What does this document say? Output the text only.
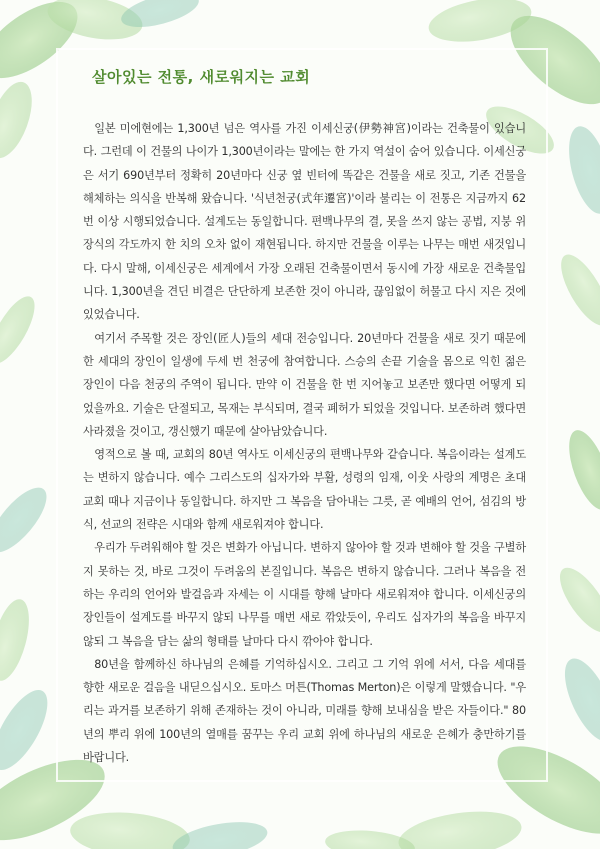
살아있는 전통, 새로워지는 교회

일본 미에현에는 1,300년 넘은 역사를 가진 이세신궁(伊勢神宮)이라는 건축물이 있습니다. 그런데 이 건물의 나이가 1,300년이라는 말에는 한 가지 역설이 숨어 있습니다. 이세신궁은 서기 690년부터 정확히 20년마다 신궁 옆 빈터에 똑같은 건물을 새로 짓고, 기존 건물을 해체하는 의식을 반복해 왔습니다. '식년천궁(式年遷宮)'이라 불리는 이 전통은 지금까지 62번 이상 시행되었습니다. 설계도는 동일합니다. 편백나무의 결, 못을 쓰지 않는 공법, 지붕 위 장식의 각도까지 한 치의 오차 없이 재현됩니다. 하지만 건물을 이루는 나무는 매번 새것입니다. 다시 말해, 이세신궁은 세계에서 가장 오래된 건축물이면서 동시에 가장 새로운 건축물입니다. 1,300년을 견딘 비결은 단단하게 보존한 것이 아니라, 끊임없이 허물고 다시 지은 것에 있었습니다.

여기서 주목할 것은 장인(匠人)들의 세대 전승입니다. 20년마다 건물을 새로 짓기 때문에 한 세대의 장인이 일생에 두세 번 천궁에 참여합니다. 스승의 손끝 기술을 몸으로 익힌 젊은 장인이 다음 천궁의 주역이 됩니다. 만약 이 건물을 한 번 지어놓고 보존만 했다면 어떻게 되었을까요. 기술은 단절되고, 목재는 부식되며, 결국 폐허가 되었을 것입니다. 보존하려 했다면 사라졌을 것이고, 갱신했기 때문에 살아남았습니다.

영적으로 볼 때, 교회의 80년 역사도 이세신궁의 편백나무와 같습니다. 복음이라는 설계도는 변하지 않습니다. 예수 그리스도의 십자가와 부활, 성령의 임재, 이웃 사랑의 계명은 초대교회 때나 지금이나 동일합니다. 하지만 그 복음을 담아내는 그릇, 곧 예배의 언어, 섬김의 방식, 선교의 전략은 시대와 함께 새로워져야 합니다.

우리가 두려워해야 할 것은 변화가 아닙니다. 변하지 않아야 할 것과 변해야 할 것을 구별하지 못하는 것, 바로 그것이 두려움의 본질입니다. 복음은 변하지 않습니다. 그러나 복음을 전하는 우리의 언어와 발걸음과 자세는 이 시대를 향해 날마다 새로워져야 합니다. 이세신궁의 장인들이 설계도를 바꾸지 않되 나무를 매번 새로 깎았듯이, 우리도 십자가의 복음을 바꾸지 않되 그 복음을 담는 삶의 형태를 날마다 다시 깎아야 합니다.

80년을 함께하신 하나님의 은혜를 기억하십시오. 그리고 그 기억 위에 서서, 다음 세대를 향한 새로운 걸음을 내딛으십시오. 토마스 머튼(Thomas Merton)은 이렇게 말했습니다. "우리는 과거를 보존하기 위해 존재하는 것이 아니라, 미래를 향해 보내심을 받은 자들이다." 80년의 뿌리 위에 100년의 열매를 꿈꾸는 우리 교회 위에 하나님의 새로운 은혜가 충만하기를 바랍니다.
